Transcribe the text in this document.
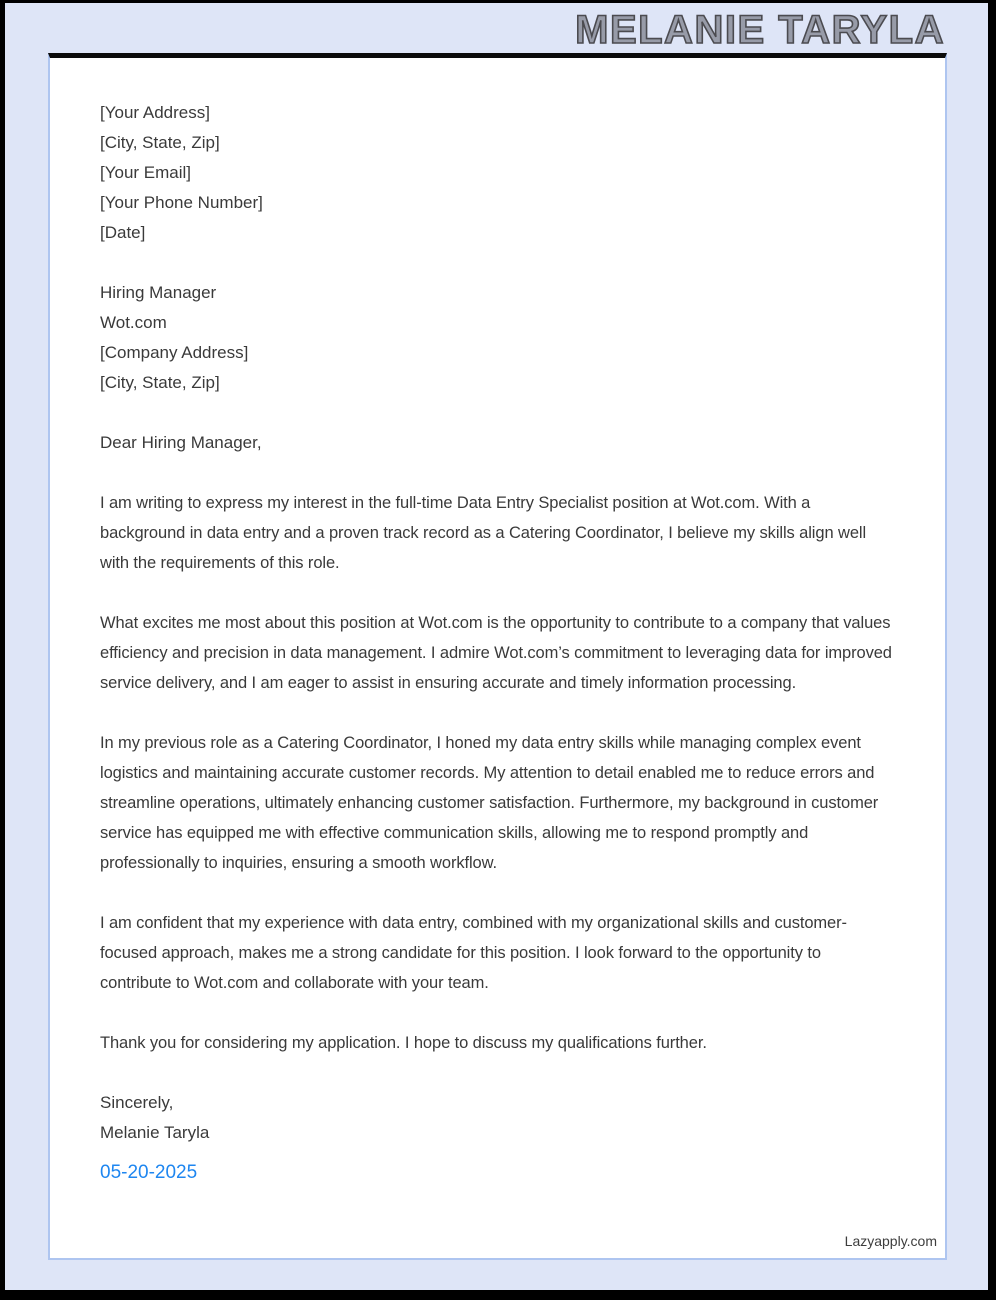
MELANIE TARYLA
[Your Address]
[City, State, Zip]
[Your Email]
[Your Phone Number]
[Date]
Hiring Manager
Wot.com
[Company Address]
[City, State, Zip]
Dear Hiring Manager,

I am writing to express my interest in the full-time Data Entry Specialist position at Wot.com. With a background in data entry and a proven track record as a Catering Coordinator, I believe my skills align well with the requirements of this role.

What excites me most about this position at Wot.com is the opportunity to contribute to a company that values efficiency and precision in data management. I admire Wot.com’s commitment to leveraging data for improved service delivery, and I am eager to assist in ensuring accurate and timely information processing.

In my previous role as a Catering Coordinator, I honed my data entry skills while managing complex event logistics and maintaining accurate customer records. My attention to detail enabled me to reduce errors and streamline operations, ultimately enhancing customer satisfaction. Furthermore, my background in customer service has equipped me with effective communication skills, allowing me to respond promptly and professionally to inquiries, ensuring a smooth workflow.

I am confident that my experience with data entry, combined with my organizational skills and customer-focused approach, makes me a strong candidate for this position. I look forward to the opportunity to contribute to Wot.com and collaborate with your team.

Thank you for considering my application. I hope to discuss my qualifications further.

Sincerely,
Melanie Taryla
05-20-2025
Lazyapply.com
